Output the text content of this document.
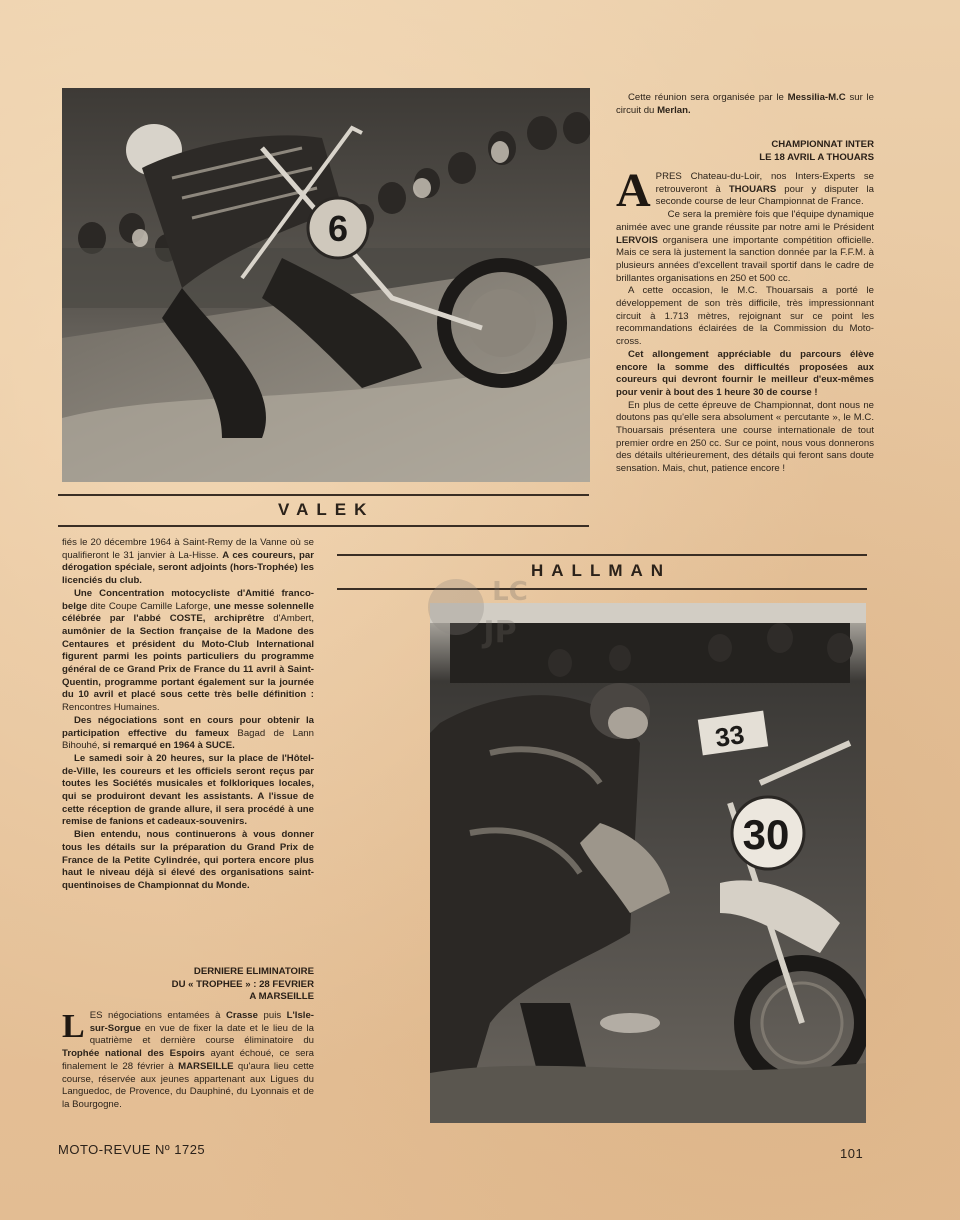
6
VALEK

Cette réunion sera organisée par le Messilia-M.C sur le circuit du Merlan.

CHAMPIONNAT INTER
LE 18 AVRIL A THOUARS

APRES Chateau-du-Loir, nos Inters-Experts se retrouveront à THOUARS pour y disputer la seconde course de leur Championnat de France.

Ce sera la première fois que l'équipe dynamique animée avec une grande réussite par notre ami le Président LERVOIS organisera une importante compétition officielle. Mais ce sera là justement la sanction donnée par la F.F.M. à plusieurs années d'excellent travail sportif dans le cadre de brillantes organisations en 250 et 500 cc.

A cette occasion, le M.C. Thouarsais a porté le développement de son très difficile, très impressionnant circuit à 1.713 mètres, rejoignant sur ce point les recommandations éclairées de la Commission du Moto-cross.

Cet allongement appréciable du parcours élève encore la somme des difficultés proposées aux coureurs qui devront fournir le meilleur d'eux-mêmes pour venir à bout des 1 heure 30 de course !

En plus de cette épreuve de Championnat, dont nous ne doutons pas qu'elle sera absolument « percutante », le M.C. Thouarsais présentera une course internationale de tout premier ordre en 250 cc. Sur ce point, nous vous donnerons des détails ultérieurement, des détails qui feront sans doute sensation. Mais, chut, patience encore !

HALLMAN
33
30
LC
JP

fiés le 20 décembre 1964 à Saint-Remy de la Vanne où se qualifieront le 31 janvier à La-Hisse. A ces coureurs, par dérogation spéciale, seront adjoints (hors-Trophée) les licenciés du club.

Une Concentration motocycliste d'Amitié franco-belge dite Coupe Camille Laforge, une messe solennelle célébrée par l'abbé COSTE, archiprêtre d'Ambert, aumônier de la Section française de la Madone des Centaures et président du Moto-Club International figurent parmi les points particuliers du programme général de ce Grand Prix de France du 11 avril à Saint-Quentin, programme portant également sur la journée du 10 avril et placé sous cette très belle définition : Rencontres Humaines.

Des négociations sont en cours pour obtenir la participation effective du fameux Bagad de Lann Bihouhé, si remarqué en 1964 à SUCE.

Le samedi soir à 20 heures, sur la place de l'Hôtel-de-Ville, les coureurs et les officiels seront reçus par toutes les Sociétés musicales et folkloriques locales, qui se produiront devant les assistants. A l'issue de cette réception de grande allure, il sera procédé à une remise de fanions et cadeaux-souvenirs.

Bien entendu, nous continuerons à vous donner tous les détails sur la préparation du Grand Prix de France de la Petite Cylindrée, qui portera encore plus haut le niveau déjà si élevé des organisations saint-quentinoises de Championnat du Monde.

DERNIERE ELIMINATOIRE
DU « TROPHEE » : 28 FEVRIER
A MARSEILLE

LES négociations entamées à Crasse puis L'Isle-sur-Sorgue en vue de fixer la date et le lieu de la quatrième et dernière course éliminatoire du Trophée national des Espoirs ayant échoué, ce sera finalement le 28 février à MARSEILLE qu'aura lieu cette course, réservée aux jeunes appartenant aux Ligues du Languedoc, de Provence, du Dauphiné, du Lyonnais et de la Bourgogne.

MOTO-REVUE Nº 1725	101
